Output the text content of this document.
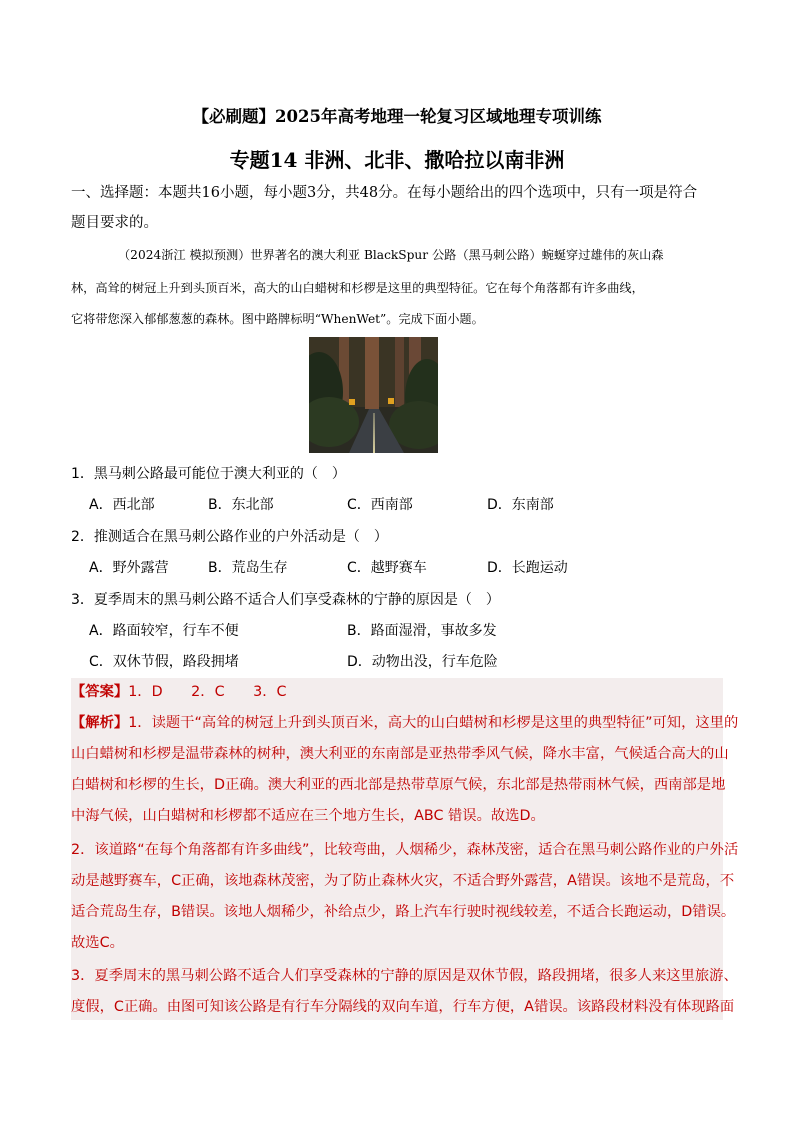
【必刷题】2025年高考地理一轮复习区域地理专项训练
专题14 非洲、北非、撒哈拉以南非洲
一、选择题：本题共16小题，每小题3分，共48分。在每小题给出的四个选项中，只有一项是符合
题目要求的。
（2024浙江 模拟预测）世界著名的澳大利亚 BlackSpur 公路（黑马刺公路）蜿蜒穿过雄伟的灰山森
林，高耸的树冠上升到头顶百米，高大的山白蜡树和杉椤是这里的典型特征。它在每个角落都有许多曲线，
它将带您深入郁郁葱葱的森林。图中路牌标明“WhenWet”。完成下面小题。
1．黑马刺公路最可能位于澳大利亚的（　）
A．西北部	B．东北部	C．西南部	D．东南部
2．推测适合在黑马刺公路作业的户外活动是（　）
A．野外露营	B．荒岛生存	C．越野赛车	D．长跑运动
3．夏季周末的黑马刺公路不适合人们享受森林的宁静的原因是（　）
A．路面较窄，行车不便	B．路面湿滑，事故多发
C．双休节假，路段拥堵	D．动物出没，行车危险
【答案】1．D　　2．C　　3．C
【解析】1．读题干“高耸的树冠上升到头顶百米，高大的山白蜡树和杉椤是这里的典型特征”可知，这里的
山白蜡树和杉椤是温带森林的树种，澳大利亚的东南部是亚热带季风气候，降水丰富，气候适合高大的山
白蜡树和杉椤的生长，D正确。澳大利亚的西北部是热带草原气候，东北部是热带雨林气候，西南部是地
中海气候，山白蜡树和杉椤都不适应在三个地方生长，ABC 错误。故选D。
2．该道路“在每个角落都有许多曲线”，比较弯曲，人烟稀少，森林茂密，适合在黑马刺公路作业的户外活
动是越野赛车，C正确，该地森林茂密，为了防止森林火灾，不适合野外露营，A错误。该地不是荒岛，不
适合荒岛生存，B错误。该地人烟稀少，补给点少，路上汽车行驶时视线较差，不适合长跑运动，D错误。
故选C。
3．夏季周末的黑马刺公路不适合人们享受森林的宁静的原因是双休节假，路段拥堵，很多人来这里旅游、
度假，C正确。由图可知该公路是有行车分隔线的双向车道，行车方便，A错误。该路段材料没有体现路面
